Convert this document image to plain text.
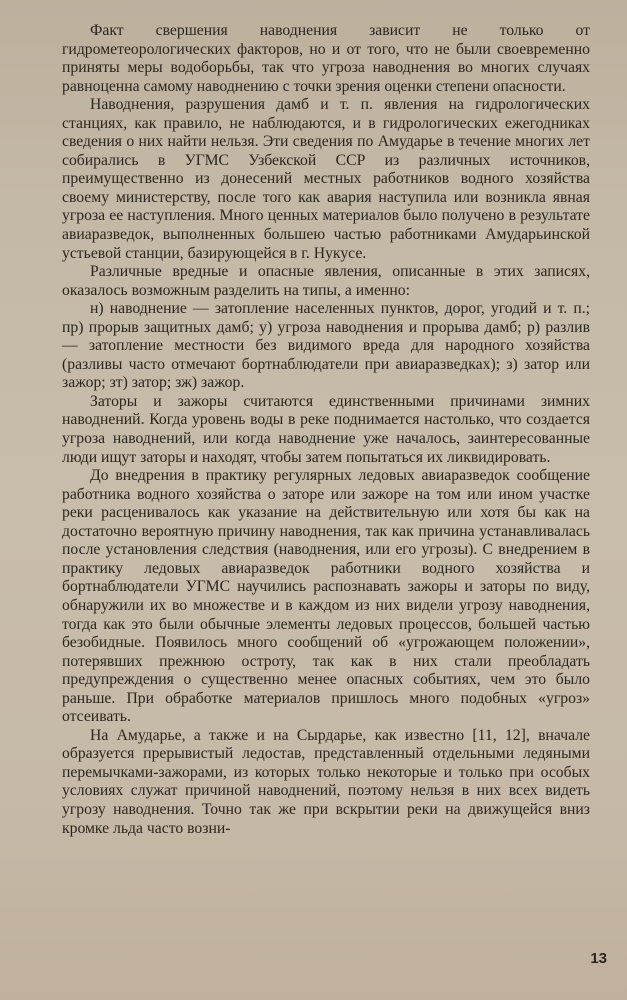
Факт свершения наводнения зависит не только от гидрометеорологических факторов, но и от того, что не были своевременно приняты меры водоборьбы, так что угроза наводнения во многих случаях равноценна самому наводнению с точки зрения оценки степени опасности.

Наводнения, разрушения дамб и т. п. явления на гидрологических станциях, как правило, не наблюдаются, и в гидрологических ежегодниках сведения о них найти нельзя. Эти сведения по Амударье в течение многих лет собирались в УГМС Узбекской ССР из различных источников, преимущественно из донесений местных работников водного хозяйства своему министерству, после того как авария наступила или возникла явная угроза ее наступления. Много ценных материалов было получено в результате авиаразведок, выполненных большею частью работниками Амударьинской устьевой станции, базирующейся в г. Нукусе.

Различные вредные и опасные явления, описанные в этих записях, оказалось возможным разделить на типы, а именно:

н) наводнение — затопление населенных пунктов, дорог, угодий и т. п.; пр) прорыв защитных дамб; у) угроза наводнения и прорыва дамб; р) разлив — затопление местности без видимого вреда для народного хозяйства (разливы часто отмечают бортнаблюдатели при авиаразведках); з) затор или зажор; зт) затор; зж) зажор.

Заторы и зажоры считаются единственными причинами зимних наводнений. Когда уровень воды в реке поднимается настолько, что создается угроза наводнений, или когда наводнение уже началось, заинтересованные люди ищут заторы и находят, чтобы затем попытаться их ликвидировать.

До внедрения в практику регулярных ледовых авиаразведок сообщение работника водного хозяйства о заторе или зажоре на том или ином участке реки расценивалось как указание на действительную или хотя бы как на достаточно вероятную причину наводнения, так как причина устанавливалась после установления следствия (наводнения, или его угрозы). С внедрением в практику ледовых авиаразведок работники водного хозяйства и бортнаблюдатели УГМС научились распознавать зажоры и заторы по виду, обнаружили их во множестве и в каждом из них видели угрозу наводнения, тогда как это были обычные элементы ледовых процессов, большей частью безобидные. Появилось много сообщений об «угрожающем положении», потерявших прежнюю остроту, так как в них стали преобладать предупреждения о существенно менее опасных событиях, чем это было раньше. При обработке материалов пришлось много подобных «угроз» отсеивать.

На Амударье, а также и на Сырдарье, как известно [11, 12], вначале образуется прерывистый ледостав, представленный отдельными ледяными перемычками-зажорами, из которых только некоторые и только при особых условиях служат причиной наводнений, поэтому нельзя в них всех видеть угрозу наводнения. Точно так же при вскрытии реки на движущейся вниз кромке льда часто возни-

13
